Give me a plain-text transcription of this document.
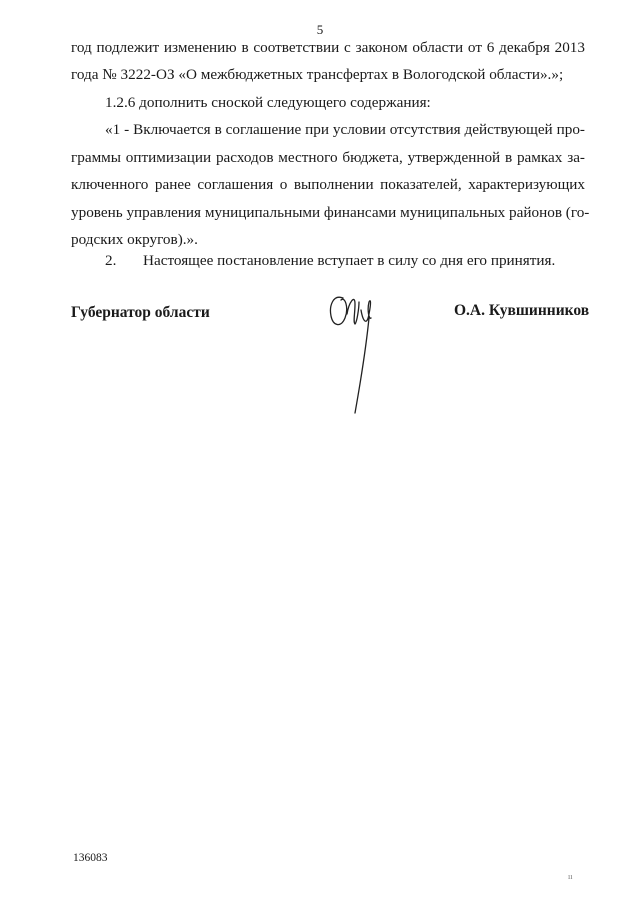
5
год подлежит изменению в соответствии с законом области от 6 декабря 2013
года № 3222-ОЗ «О межбюджетных трансфертах в Вологодской области».»;
1.2.6 дополнить сноской следующего содержания:
«1 - Включается в соглашение при условии отсутствия действующей про-
граммы оптимизации расходов местного бюджета, утвержденной в рамках за-
ключенного ранее соглашения о выполнении показателей, характеризующих
уровень управления муниципальными финансами муниципальных районов (го-
родских округов).».
2. Настоящее постановление вступает в силу со дня его принятия.
Губернатор области	О.А. Кувшинников
136083
ıı
